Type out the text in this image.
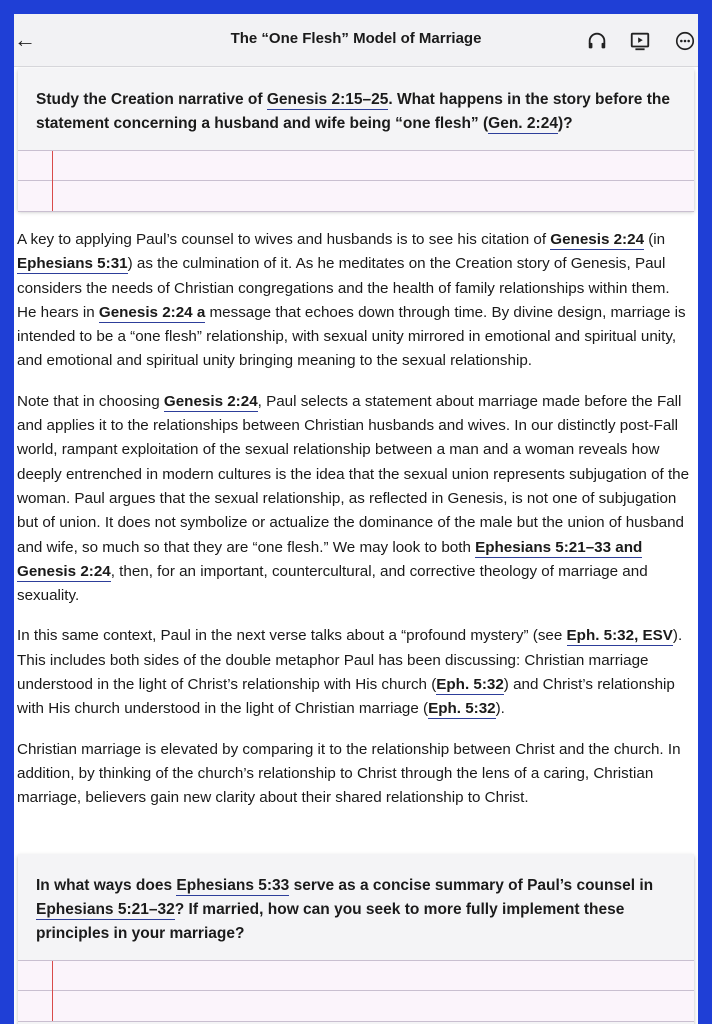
←	The “One Flesh” Model of Marriage
Study the Creation narrative of Genesis 2:15–25. What happens in the story before the statement concerning a husband and wife being “one flesh” (Gen. 2:24)?

A key to applying Paul’s counsel to wives and husbands is to see his citation of Genesis 2:24 (in Ephesians 5:31) as the culmination of it. As he meditates on the Creation story of Genesis, Paul considers the needs of Christian congregations and the health of family relationships within them. He hears in Genesis 2:24 a message that echoes down through time. By divine design, marriage is intended to be a “one flesh” relationship, with sexual unity mirrored in emotional and spiritual unity, and emotional and spiritual unity bringing meaning to the sexual relationship.

Note that in choosing Genesis 2:24, Paul selects a statement about marriage made before the Fall and applies it to the relationships between Christian husbands and wives. In our distinctly post-Fall world, rampant exploitation of the sexual relationship between a man and a woman reveals how deeply entrenched in modern cultures is the idea that the sexual union represents subjugation of the woman. Paul argues that the sexual relationship, as reflected in Genesis, is not one of subjugation but of union. It does not symbolize or actualize the dominance of the male but the union of husband and wife, so much so that they are “one flesh.” We may look to both Ephesians 5:21–33 and Genesis 2:24, then, for an important, countercultural, and corrective theology of marriage and sexuality.

In this same context, Paul in the next verse talks about a “profound mystery” (see Eph. 5:32, ESV). This includes both sides of the double metaphor Paul has been discussing: Christian marriage understood in the light of Christ’s relationship with His church (Eph. 5:32) and Christ’s relationship with His church understood in the light of Christian marriage (Eph. 5:32).

Christian marriage is elevated by comparing it to the relationship between Christ and the church. In addition, by thinking of the church’s relationship to Christ through the lens of a caring, Christian marriage, believers gain new clarity about their shared relationship to Christ.

In what ways does Ephesians 5:33 serve as a concise summary of Paul’s counsel in Ephesians 5:21–32? If married, how can you seek to more fully implement these principles in your marriage?
